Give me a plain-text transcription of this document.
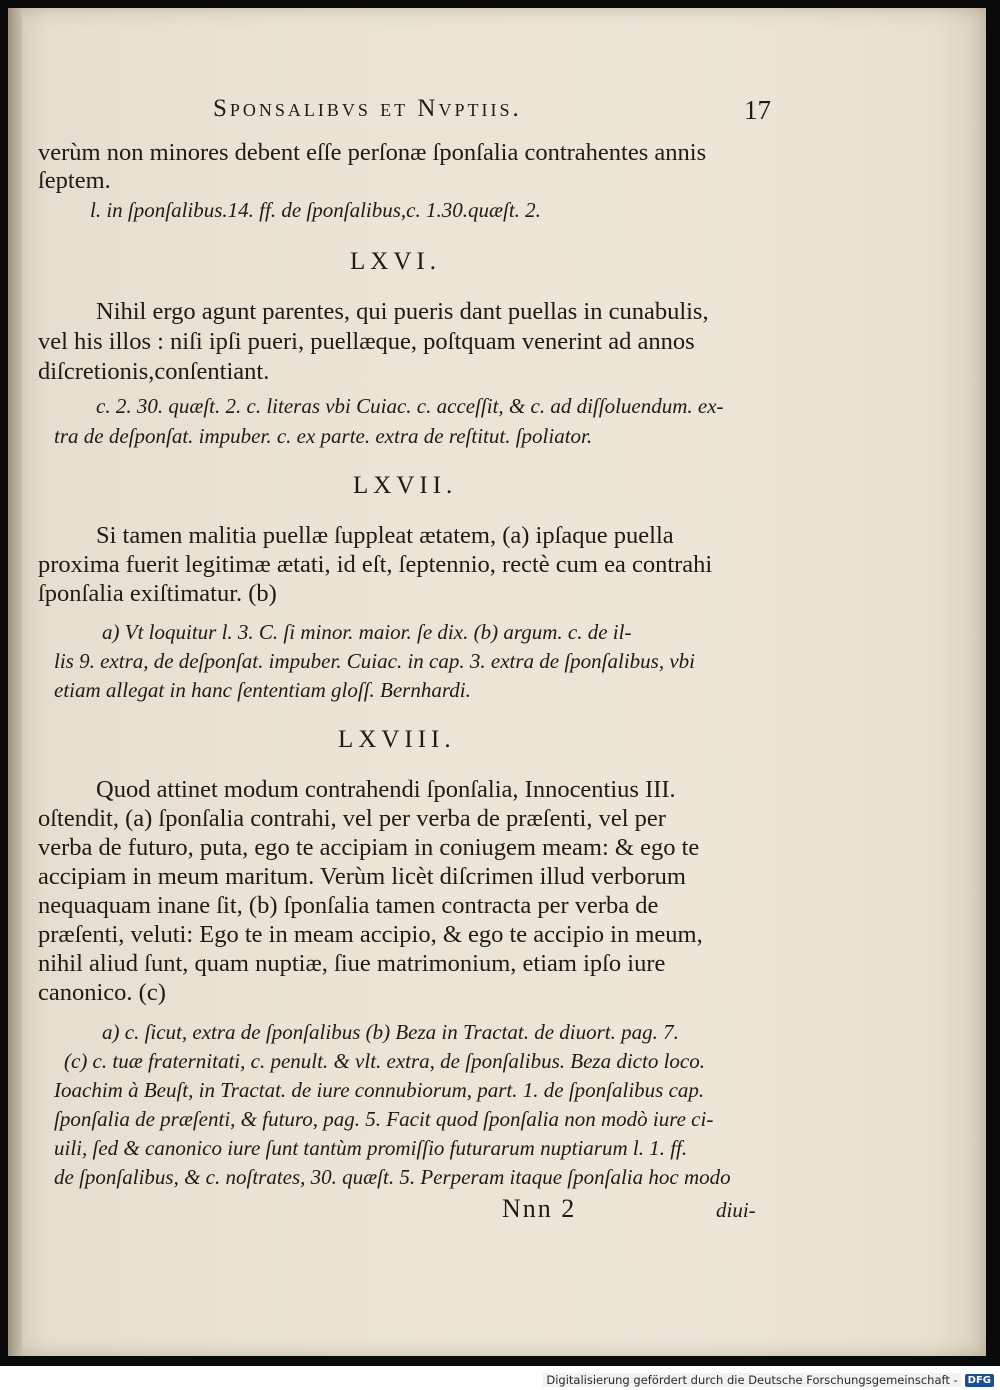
Sponsalibvs et Nvptiis.	17
verùm non minores debent eſſe perſonæ ſponſalia contrahentes annis
ſeptem.
l. in ſponſalibus.14. ff. de ſponſalibus,c. 1.30.quæſt. 2.
LXVI.
Nihil ergo agunt parentes, qui pueris dant puellas in cunabulis,
vel his illos : niſi ipſi pueri, puellæque, poſtquam venerint ad annos
diſcretionis,conſentiant.
c. 2. 30. quæſt. 2. c. literas vbi Cuiac. c. acceſſit, & c. ad diſſoluendum. ex-
tra de deſponſat. impuber. c. ex parte. extra de reſtitut. ſpoliator.
LXVII.
Si tamen malitia puellæ ſuppleat ætatem, (a) ipſaque puella
proxima fuerit legitimæ ætati, id eſt, ſeptennio, rectè cum ea contrahi
ſponſalia exiſtimatur. (b)
a) Vt loquitur l. 3. C. ſi minor. maior. ſe dix. (b) argum. c. de il-
lis 9. extra, de deſponſat. impuber. Cuiac. in cap. 3. extra de ſponſalibus, vbi
etiam allegat in hanc ſententiam gloſſ. Bernhardi.
LXVIII.
Quod attinet modum contrahendi ſponſalia, Innocentius III.
oſtendit, (a) ſponſalia contrahi, vel per verba de præſenti, vel per
verba de futuro, puta, ego te accipiam in coniugem meam: & ego te
accipiam in meum maritum. Verùm licèt diſcrimen illud verborum
nequaquam inane ſit, (b) ſponſalia tamen contracta per verba de
præſenti, veluti: Ego te in meam accipio, & ego te accipio in meum,
nihil aliud ſunt, quam nuptiæ, ſiue matrimonium, etiam ipſo iure
canonico. (c)
a) c. ſicut, extra de ſponſalibus (b) Beza in Tractat. de diuort. pag. 7.
(c) c. tuæ fraternitati, c. penult. & vlt. extra, de ſponſalibus. Beza dicto loco.
Ioachim à Beuſt, in Tractat. de iure connubiorum, part. 1. de ſponſalibus cap.
ſponſalia de præſenti, & futuro, pag. 5. Facit quod ſponſalia non modò iure ci-
uili, ſed & canonico iure ſunt tantùm promiſſio futurarum nuptiarum l. 1. ff.
de ſponſalibus, & c. noſtrates, 30. quæſt. 5. Perperam itaque ſponſalia hoc modo
Nnn 2	diui-
Digitalisierung gefördert durch die Deutsche Forschungsgemeinschaft -	DFG
